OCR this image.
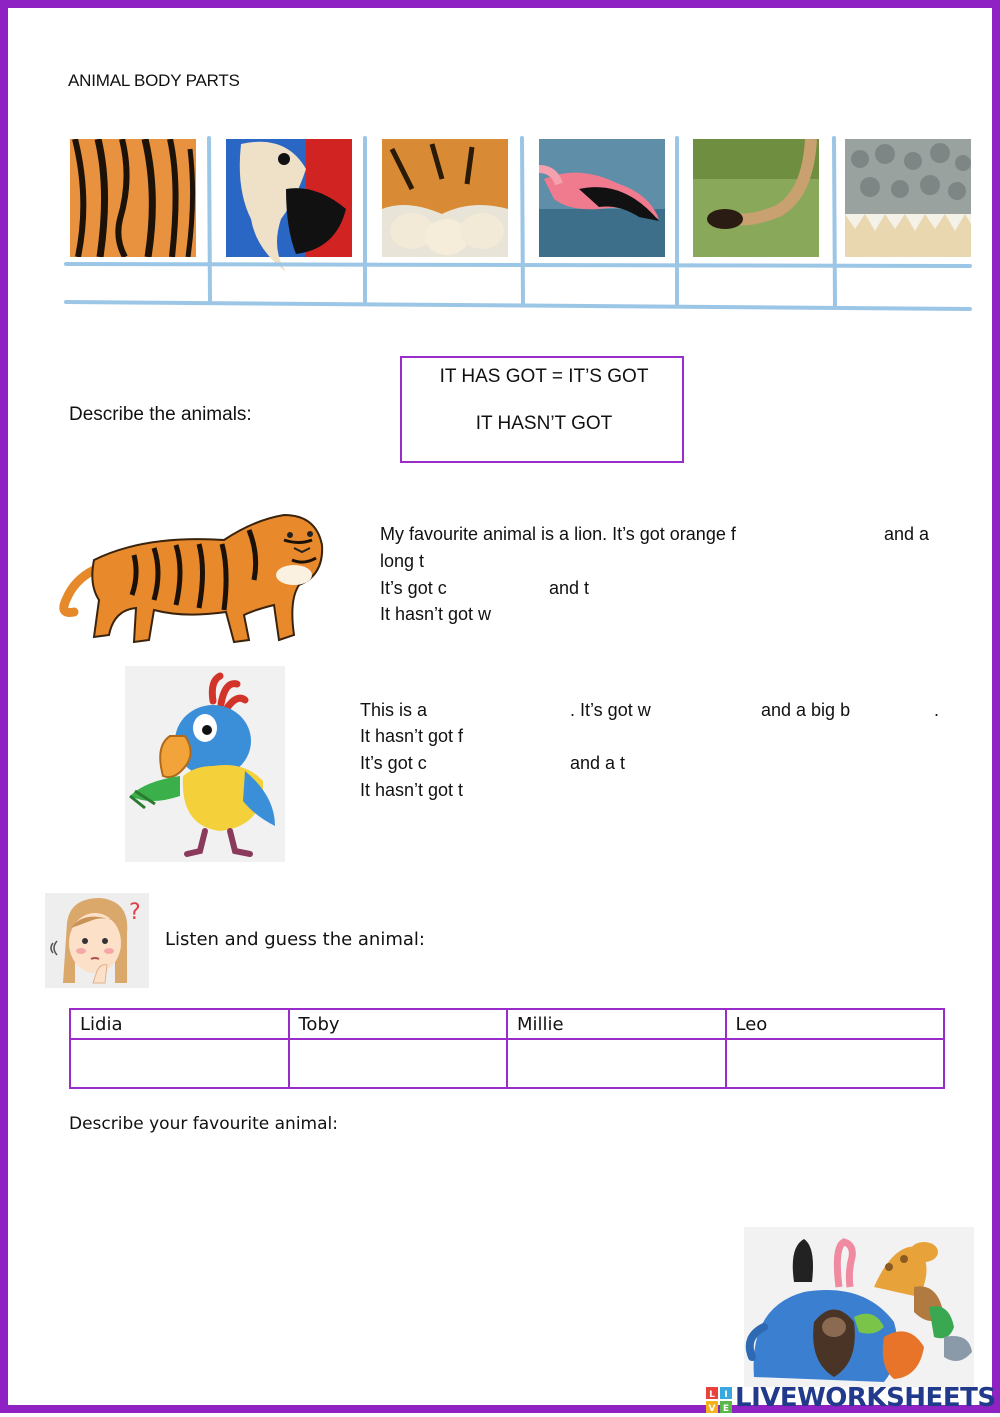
ANIMAL BODY PARTS
Describe the animals:
IT HAS GOT = IT’S GOT
IT HASN’T GOT
My favourite animal is a lion. It’s got orange f	and a
long t
It’s got c	and t
It hasn’t got w
This is a	. It’s got w	and a big b	.
It hasn’t got f
It’s got c	and a t
It hasn’t got t
?
Listen and guess the animal:
Lidia	Toby	Millie	Leo

Describe your favourite animal:
L I
V E LIVEWORKSHEETS
